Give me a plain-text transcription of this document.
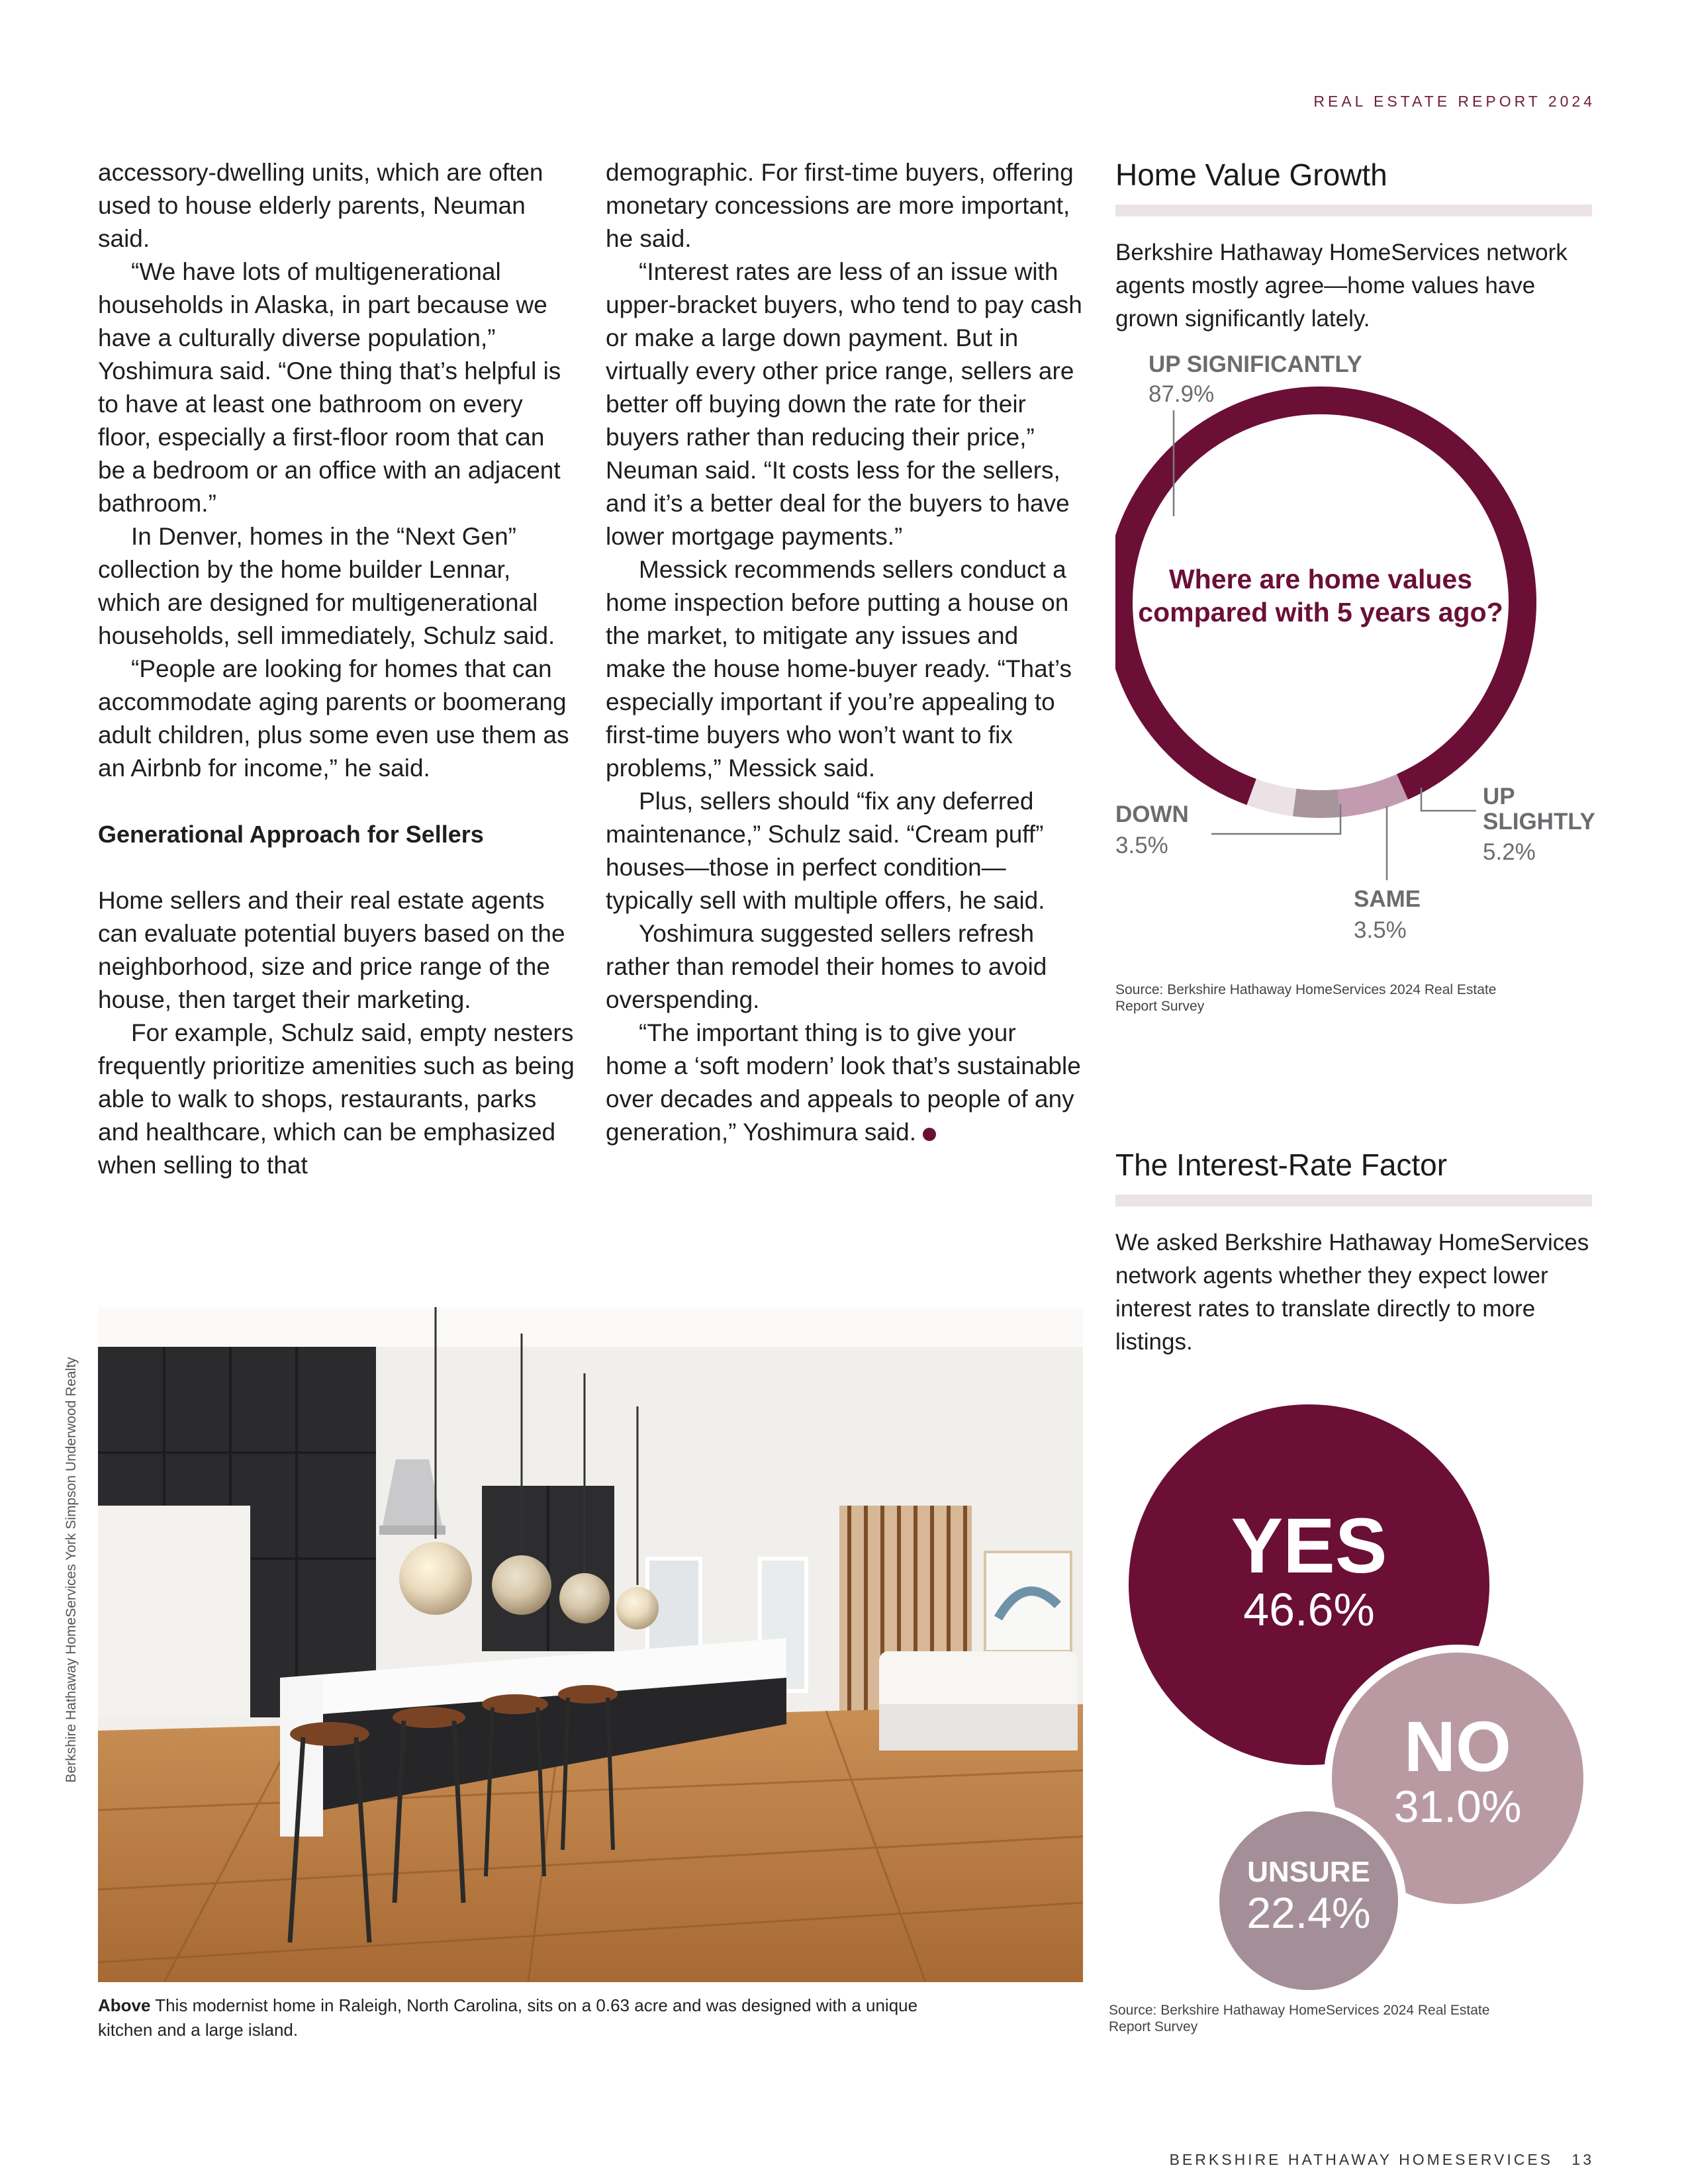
REAL ESTATE REPORT 2024

accessory-dwelling units, which are often used to house elderly parents, Neuman said.

“We have lots of multigenerational households in Alaska, in part because we have a culturally diverse population,” Yoshimura said. “One thing that’s helpful is to have at least one bathroom on every floor, especially a first-floor room that can be a bedroom or an office with an adjacent bathroom.”

In Denver, homes in the “Next Gen” collection by the home builder Lennar, which are designed for multigenerational households, sell immediately, Schulz said.

“People are looking for homes that can accommodate aging parents or boomerang adult children, plus some even use them as an Airbnb for income,” he said.

Generational Approach for Sellers

Home sellers and their real estate agents can evaluate potential buyers based on the neighborhood, size and price range of the house, then target their marketing.

For example, Schulz said, empty nesters frequently prioritize amenities such as being able to walk to shops, restaurants, parks and healthcare, which can be emphasized when selling to that

demographic. For first-time buyers, offering monetary concessions are more important, he said.

“Interest rates are less of an issue with upper-bracket buyers, who tend to pay cash or make a large down payment. But in virtually every other price range, sellers are better off buying down the rate for their buyers rather than reducing their price,” Neuman said. “It costs less for the sellers, and it’s a better deal for the buyers to have lower mortgage payments.”

Messick recommends sellers conduct a home inspection before putting a house on the market, to mitigate any issues and make the house home-buyer ready. “That’s especially important if you’re appealing to first-time buyers who won’t want to fix problems,” Messick said.

Plus, sellers should “fix any deferred maintenance,” Schulz said. “Cream puff” houses—those in perfect condition—typically sell with multiple offers, he said.

Yoshimura suggested sellers refresh rather than remodel their homes to avoid overspending.

“The important thing is to give your home a ‘soft modern’ look that’s sustainable over decades and appeals to people of any generation,” Yoshimura said.

Berkshire Hathaway HomeServices York Simpson Underwood Realty
Above This modernist home in Raleigh, North Carolina, sits on a 0.63 acre and was designed with a unique kitchen and a large island.
Home Value Growth
Berkshire Hathaway HomeServices network agents mostly agree—home values have grown significantly lately.
UP SIGNIFICANTLY
87.9%
DOWN
3.5%
SAME
3.5%
UP SLIGHTLY
5.2%
Where are home values compared with 5 years ago?
Source: Berkshire Hathaway HomeServices 2024 Real Estate Report Survey
The Interest-Rate Factor
We asked Berkshire Hathaway HomeServices network agents whether they expect lower interest rates to translate directly to more listings.
YES
46.6%
NO
31.0%
UNSURE
22.4%
Source: Berkshire Hathaway HomeServices 2024 Real Estate Report Survey
BERKSHIRE HATHAWAY HOMESERVICES 13
